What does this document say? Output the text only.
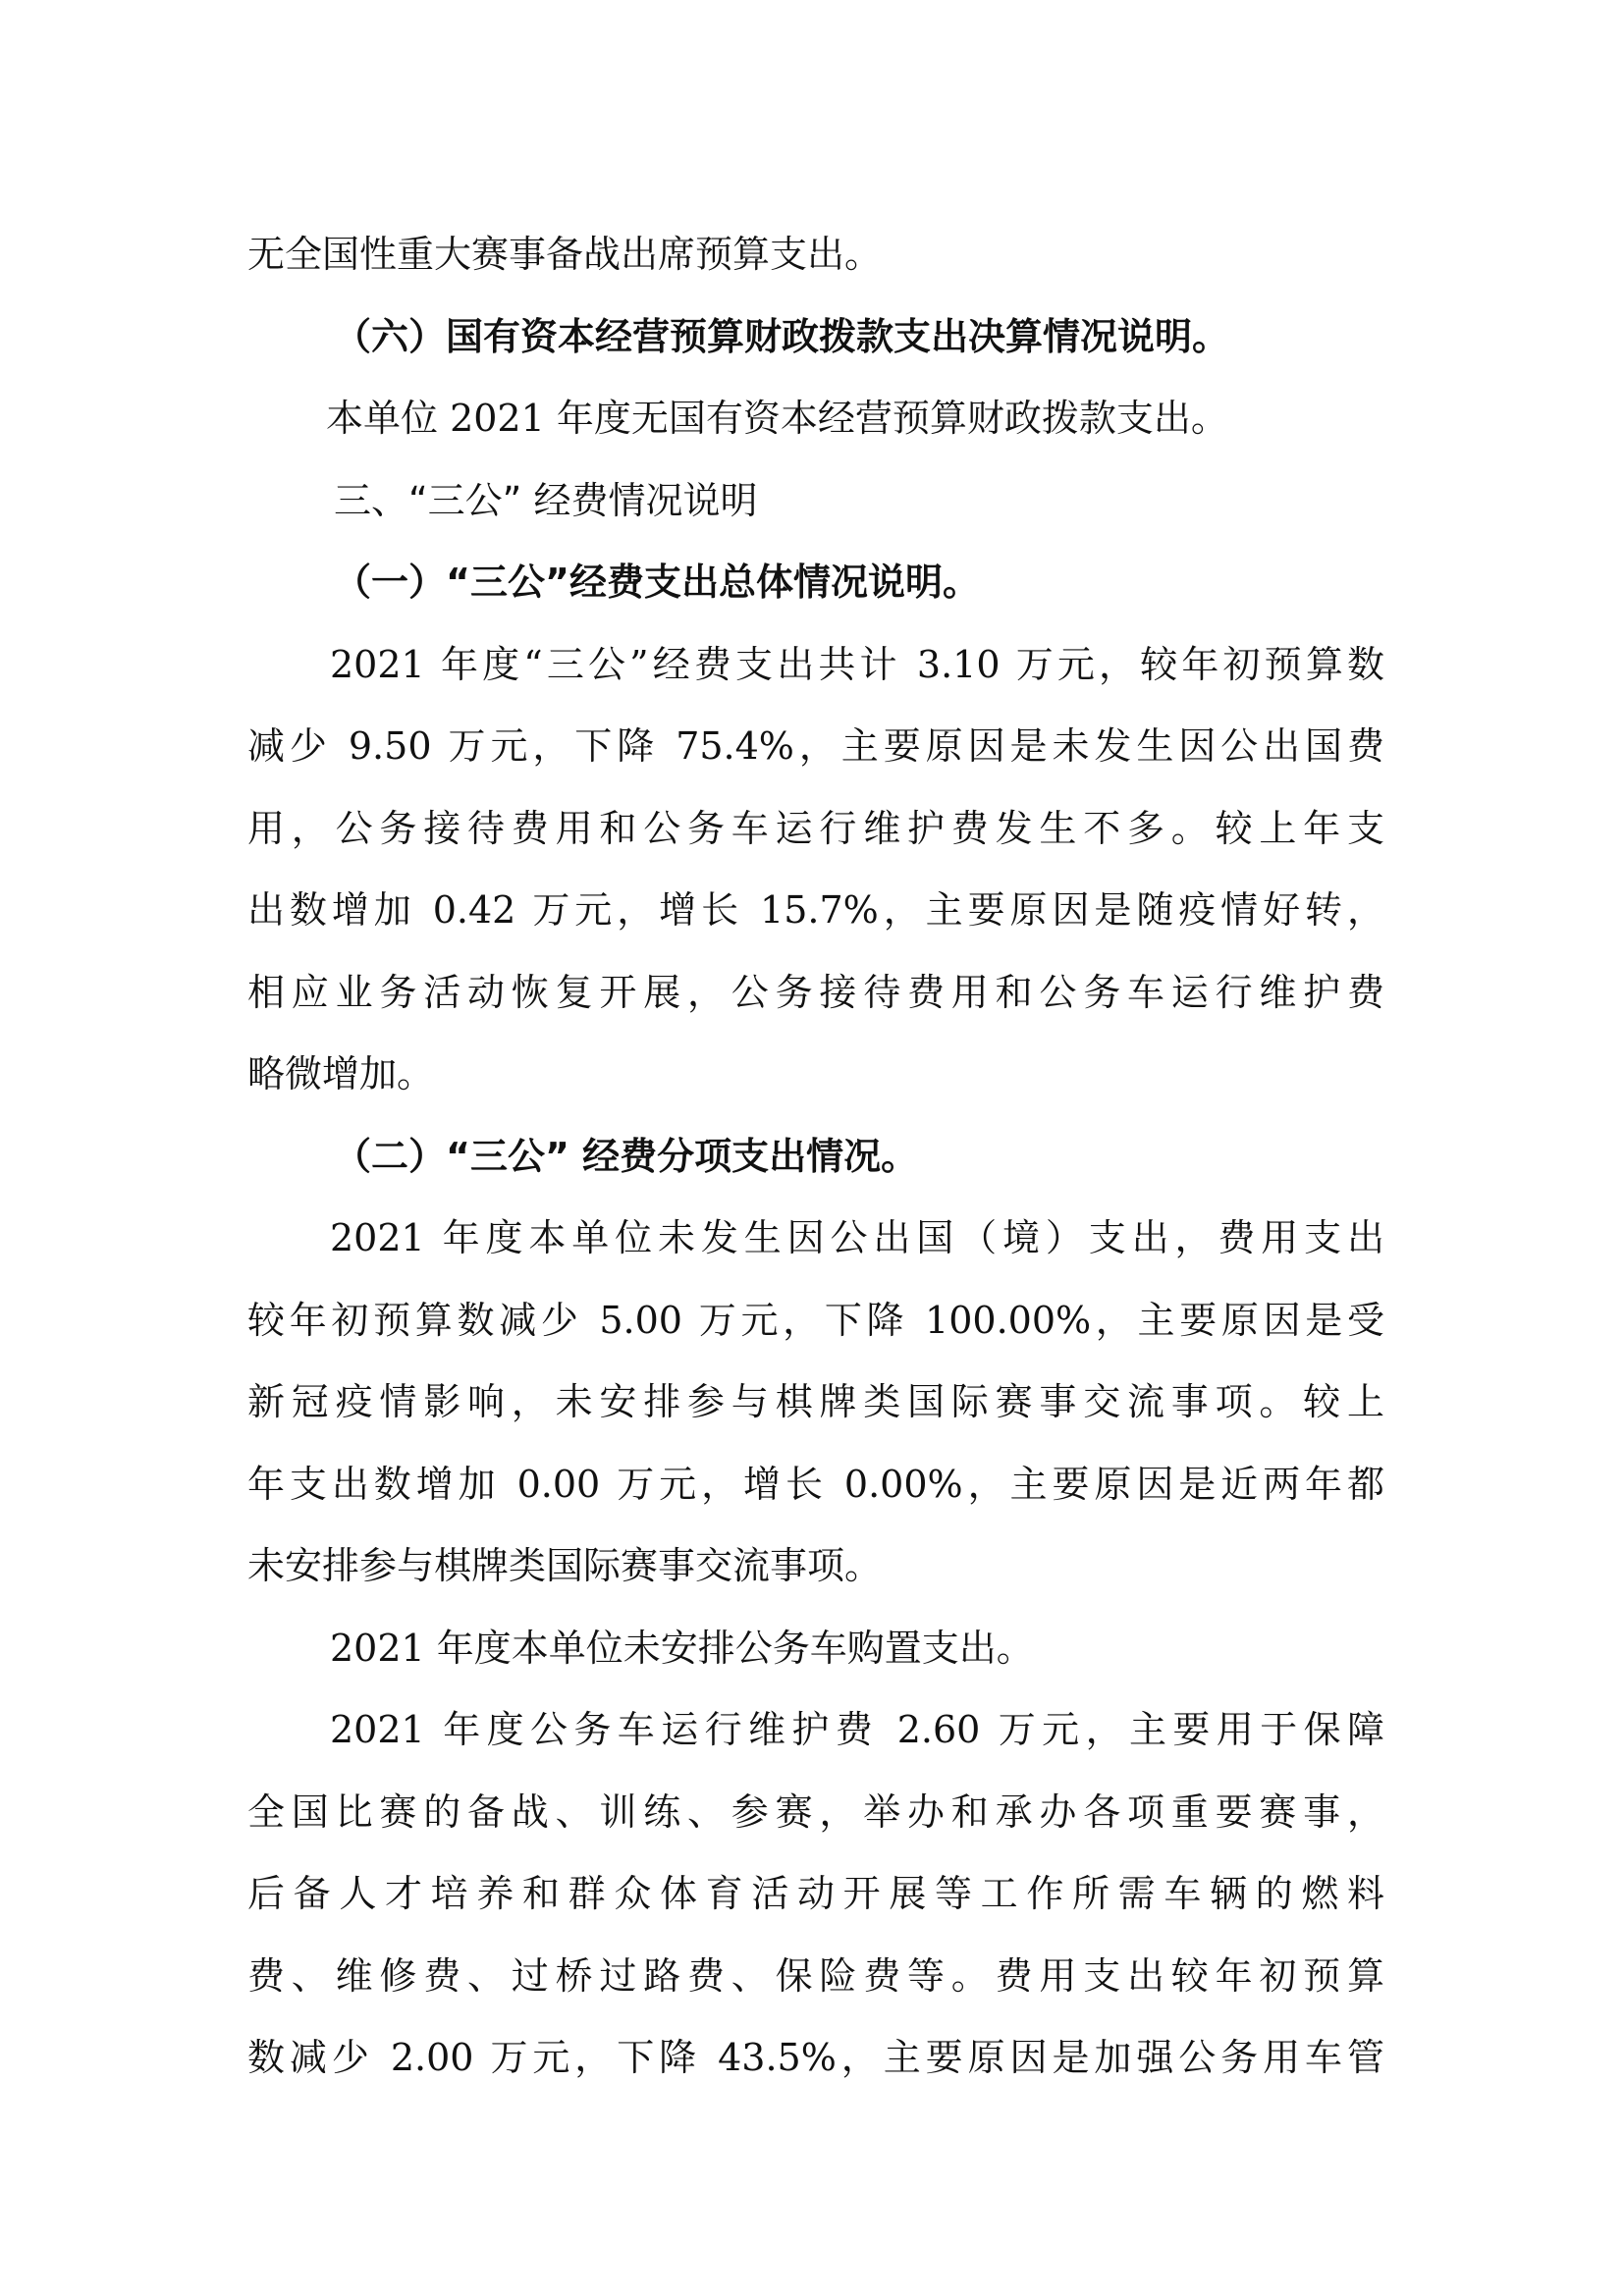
无全国性重大赛事备战出席预算支出。
（六）国有资本经营预算财政拨款支出决算情况说明。
本单位 2021 年度无国有资本经营预算财政拨款支出。
三、“三公” 经费情况说明
（一）“三公”经费支出总体情况说明。
2021 年度“三公”经费支出共计 3.10 万元，较年初预算数
减少 9.50 万元，下降 75.4%，主要原因是未发生因公出国费
用，公务接待费用和公务车运行维护费发生不多。较上年支
出数增加 0.42 万元，增长 15.7%，主要原因是随疫情好转，
相应业务活动恢复开展，公务接待费用和公务车运行维护费
略微增加。
（二）“三公” 经费分项支出情况。
2021 年度本单位未发生因公出国（境）支出，费用支出
较年初预算数减少 5.00 万元，下降 100.00%，主要原因是受
新冠疫情影响，未安排参与棋牌类国际赛事交流事项。较上
年支出数增加 0.00 万元，增长 0.00%，主要原因是近两年都
未安排参与棋牌类国际赛事交流事项。
2021 年度本单位未安排公务车购置支出。
2021 年度公务车运行维护费 2.60 万元，主要用于保障
全国比赛的备战、训练、参赛，举办和承办各项重要赛事，
后备人才培养和群众体育活动开展等工作所需车辆的燃料
费、维修费、过桥过路费、保险费等。费用支出较年初预算
数减少 2.00 万元，下降 43.5%，主要原因是加强公务用车管
